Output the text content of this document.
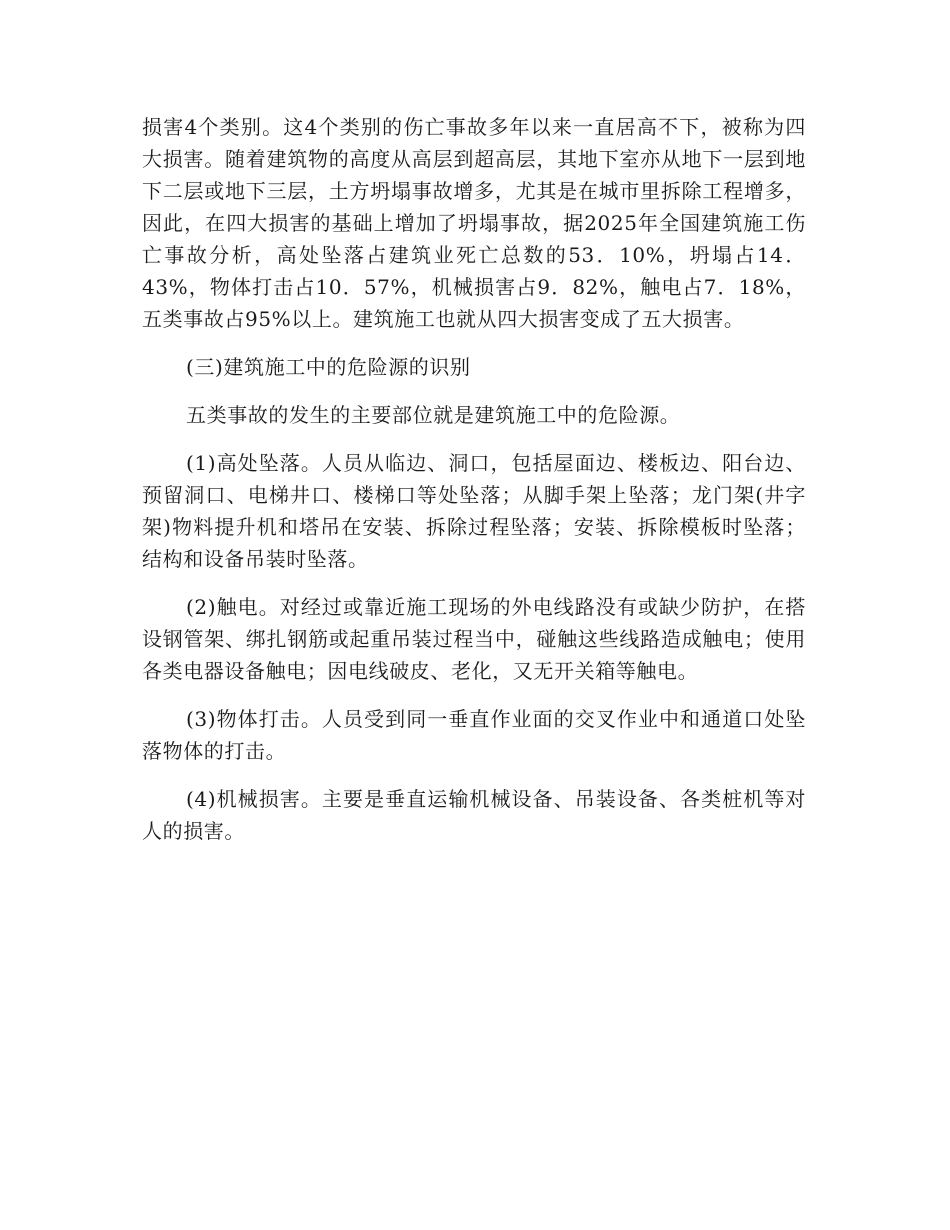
损害4个类别。这4个类别的伤亡事故多年以来一直居高不下，被称为四大损害。随着建筑物的高度从高层到超高层，其地下室亦从地下一层到地下二层或地下三层，土方坍塌事故增多，尤其是在城市里拆除工程增多，因此，在四大损害的基础上增加了坍塌事故，据2025年全国建筑施工伤亡事故分析，高处坠落占建筑业死亡总数的53．10%，坍塌占14．43%，物体打击占10．57%，机械损害占9．82%，触电占7．18%，五类事故占95%以上。建筑施工也就从四大损害变成了五大损害。

(三)建筑施工中的危险源的识别

五类事故的发生的主要部位就是建筑施工中的危险源。

(1)高处坠落。人员从临边、洞口，包括屋面边、楼板边、阳台边、预留洞口、电梯井口、楼梯口等处坠落；从脚手架上坠落；龙门架(井字架)物料提升机和塔吊在安装、拆除过程坠落；安装、拆除模板时坠落；结构和设备吊装时坠落。

(2)触电。对经过或靠近施工现场的外电线路没有或缺少防护，在搭设钢管架、绑扎钢筋或起重吊装过程当中，碰触这些线路造成触电；使用各类电器设备触电；因电线破皮、老化，又无开关箱等触电。

(3)物体打击。人员受到同一垂直作业面的交叉作业中和通道口处坠落物体的打击。

(4)机械损害。主要是垂直运输机械设备、吊装设备、各类桩机等对人的损害。
